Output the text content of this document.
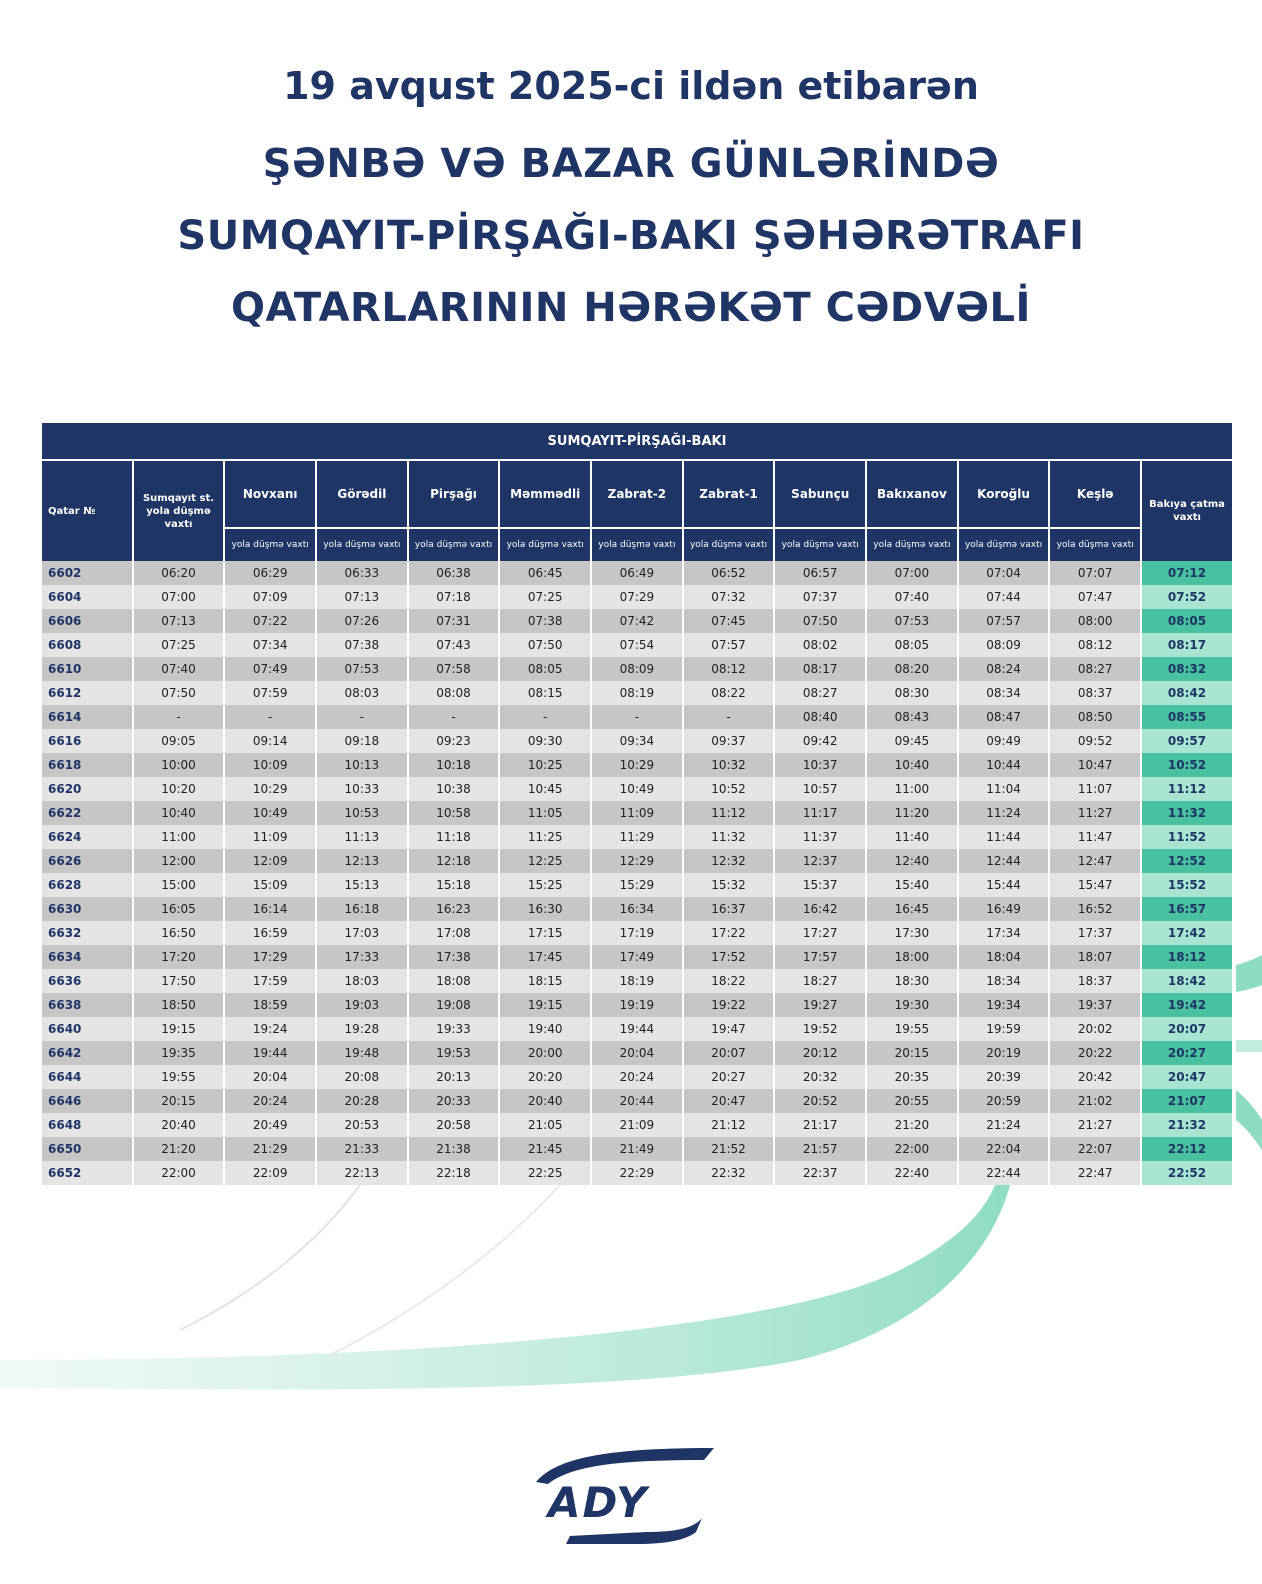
19 avqust 2025-ci ildən etibarən
ŞƏNBƏ VƏ BAZAR GÜNLƏRİNDƏ
SUMQAYIT-PİRŞAĞI-BAKI ŞƏHƏRƏTRAFI
QATARLARININ HƏRƏKƏT CƏDVƏLİ
SUMQAYIT-PİRŞAĞI-BAKI												
Qatar №	Sumqayıt st. yola düşmə vaxtı	Novxanı	Görədil	Pirşağı	Məmmədli	Zabrat-2	Zabrat-1	Sabunçu	Bakıxanov	Koroğlu	Keşlə	Bakıya çatma vaxtı
		yola düşmə vaxtı	yola düşmə vaxtı	yola düşmə vaxtı	yola düşmə vaxtı	yola düşmə vaxtı	yola düşmə vaxtı	yola düşmə vaxtı	yola düşmə vaxtı	yola düşmə vaxtı	yola düşmə vaxtı	
6602	06:20	06:29	06:33	06:38	06:45	06:49	06:52	06:57	07:00	07:04	07:07	07:12
6604	07:00	07:09	07:13	07:18	07:25	07:29	07:32	07:37	07:40	07:44	07:47	07:52
6606	07:13	07:22	07:26	07:31	07:38	07:42	07:45	07:50	07:53	07:57	08:00	08:05
6608	07:25	07:34	07:38	07:43	07:50	07:54	07:57	08:02	08:05	08:09	08:12	08:17
6610	07:40	07:49	07:53	07:58	08:05	08:09	08:12	08:17	08:20	08:24	08:27	08:32
6612	07:50	07:59	08:03	08:08	08:15	08:19	08:22	08:27	08:30	08:34	08:37	08:42
6614	-	-	-	-	-	-	-	08:40	08:43	08:47	08:50	08:55
6616	09:05	09:14	09:18	09:23	09:30	09:34	09:37	09:42	09:45	09:49	09:52	09:57
6618	10:00	10:09	10:13	10:18	10:25	10:29	10:32	10:37	10:40	10:44	10:47	10:52
6620	10:20	10:29	10:33	10:38	10:45	10:49	10:52	10:57	11:00	11:04	11:07	11:12
6622	10:40	10:49	10:53	10:58	11:05	11:09	11:12	11:17	11:20	11:24	11:27	11:32
6624	11:00	11:09	11:13	11:18	11:25	11:29	11:32	11:37	11:40	11:44	11:47	11:52
6626	12:00	12:09	12:13	12:18	12:25	12:29	12:32	12:37	12:40	12:44	12:47	12:52
6628	15:00	15:09	15:13	15:18	15:25	15:29	15:32	15:37	15:40	15:44	15:47	15:52
6630	16:05	16:14	16:18	16:23	16:30	16:34	16:37	16:42	16:45	16:49	16:52	16:57
6632	16:50	16:59	17:03	17:08	17:15	17:19	17:22	17:27	17:30	17:34	17:37	17:42
6634	17:20	17:29	17:33	17:38	17:45	17:49	17:52	17:57	18:00	18:04	18:07	18:12
6636	17:50	17:59	18:03	18:08	18:15	18:19	18:22	18:27	18:30	18:34	18:37	18:42
6638	18:50	18:59	19:03	19:08	19:15	19:19	19:22	19:27	19:30	19:34	19:37	19:42
6640	19:15	19:24	19:28	19:33	19:40	19:44	19:47	19:52	19:55	19:59	20:02	20:07
6642	19:35	19:44	19:48	19:53	20:00	20:04	20:07	20:12	20:15	20:19	20:22	20:27
6644	19:55	20:04	20:08	20:13	20:20	20:24	20:27	20:32	20:35	20:39	20:42	20:47
6646	20:15	20:24	20:28	20:33	20:40	20:44	20:47	20:52	20:55	20:59	21:02	21:07
6648	20:40	20:49	20:53	20:58	21:05	21:09	21:12	21:17	21:20	21:24	21:27	21:32
6650	21:20	21:29	21:33	21:38	21:45	21:49	21:52	21:57	22:00	22:04	22:07	22:12
6652	22:00	22:09	22:13	22:18	22:25	22:29	22:32	22:37	22:40	22:44	22:47	22:52
ADY
